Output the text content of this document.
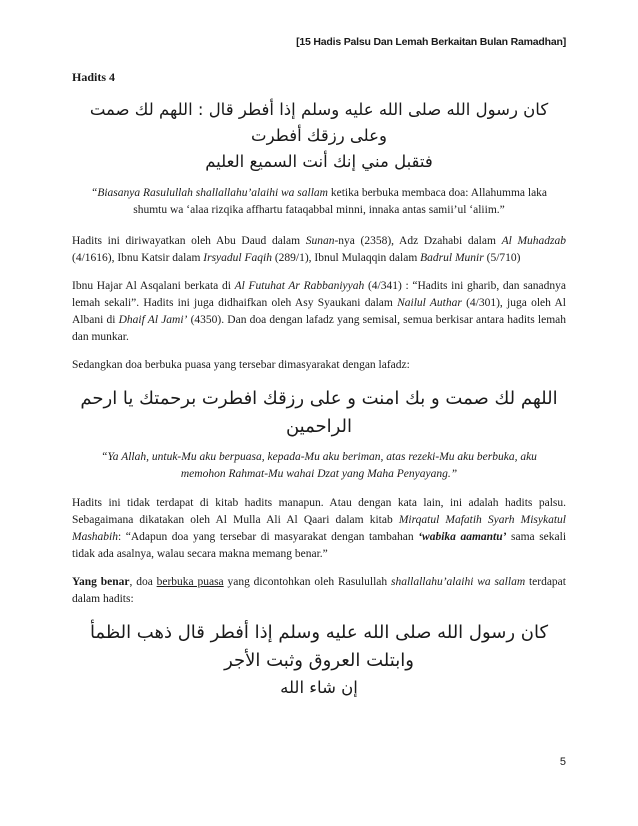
[15 Hadis Palsu Dan Lemah Berkaitan Bulan Ramadhan]
Hadits 4

كان رسول الله صلى الله عليه وسلم إذا أفطر قال : اللهم لك صمت وعلى رزقك أفطرت

فتقبل مني إنك أنت السميع العليم

“Biasanya Rasulullah shallallahu’alaihi wa sallam ketika berbuka membaca doa: Allahumma laka shumtu wa ‘alaa rizqika affhartu fataqabbal minni, innaka antas samii’ul ‘aliim.”

Hadits ini diriwayatkan oleh Abu Daud dalam Sunan-nya (2358), Adz Dzahabi dalam Al Muhadzab (4/1616), Ibnu Katsir dalam Irsyadul Faqih (289/1), Ibnul Mulaqqin dalam Badrul Munir (5/710)

Ibnu Hajar Al Asqalani berkata di Al Futuhat Ar Rabbaniyyah (4/341) : “Hadits ini gharib, dan sanadnya lemah sekali”. Hadits ini juga didhaifkan oleh Asy Syaukani dalam Nailul Authar (4/301), juga oleh Al Albani di Dhaif Al Jami’ (4350). Dan doa dengan lafadz yang semisal, semua berkisar antara hadits lemah dan munkar.

Sedangkan doa berbuka puasa yang tersebar dimasyarakat dengan lafadz:

اللهم لك صمت و بك امنت و على رزقك افطرت برحمتك يا ارحم الراحمين

“Ya Allah, untuk-Mu aku berpuasa, kepada-Mu aku beriman, atas rezeki-Mu aku berbuka, aku memohon Rahmat-Mu wahai Dzat yang Maha Penyayang.”

Hadits ini tidak terdapat di kitab hadits manapun. Atau dengan kata lain, ini adalah hadits palsu. Sebagaimana dikatakan oleh Al Mulla Ali Al Qaari dalam kitab Mirqatul Mafatih Syarh Misykatul Mashabih: “Adapun doa yang tersebar di masyarakat dengan tambahan ‘wabika aamantu’ sama sekali tidak ada asalnya, walau secara makna memang benar.”

Yang benar, doa berbuka puasa yang dicontohkan oleh Rasulullah shallallahu’alaihi wa sallam terdapat dalam hadits:

كان رسول الله صلى الله عليه وسلم إذا أفطر قال ذهب الظمأ وابتلت العروق وثبت الأجر

إن شاء الله

5
